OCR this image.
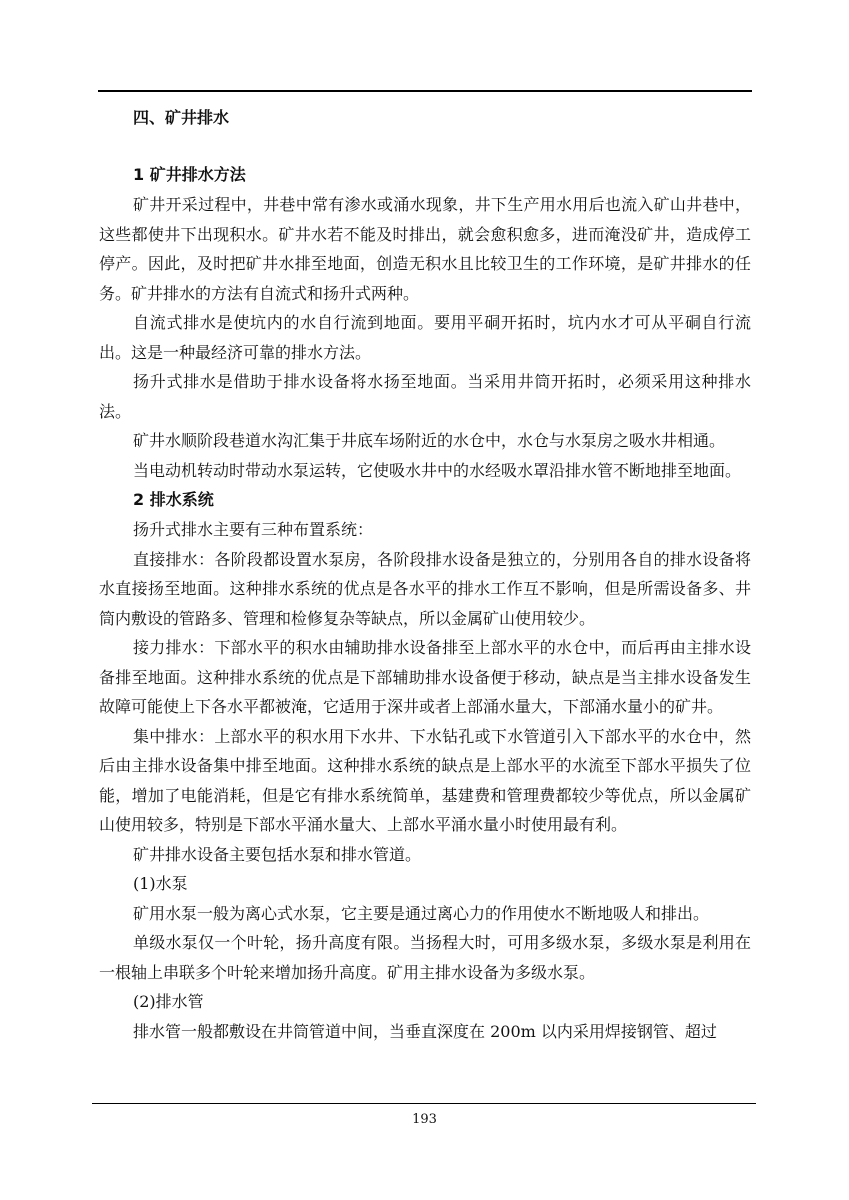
四、矿井排水
1 矿井排水方法

矿井开采过程中，井巷中常有渗水或涌水现象，井下生产用水用后也流入矿山井巷中，这些都使井下出现积水。矿井水若不能及时排出，就会愈积愈多，进而淹没矿井，造成停工停产。因此，及时把矿井水排至地面，创造无积水且比较卫生的工作环境，是矿井排水的任务。矿井排水的方法有自流式和扬升式两种。

自流式排水是使坑内的水自行流到地面。要用平硐开拓时，坑内水才可从平硐自行流出。这是一种最经济可靠的排水方法。

扬升式排水是借助于排水设备将水扬至地面。当采用井筒开拓时，必须采用这种排水法。

矿井水顺阶段巷道水沟汇集于井底车场附近的水仓中，水仓与水泵房之吸水井相通。

当电动机转动时带动水泵运转，它使吸水井中的水经吸水罩沿排水管不断地排至地面。

2 排水系统

扬升式排水主要有三种布置系统：

直接排水：各阶段都设置水泵房，各阶段排水设备是独立的，分别用各自的排水设备将水直接扬至地面。这种排水系统的优点是各水平的排水工作互不影响，但是所需设备多、井筒内敷设的管路多、管理和检修复杂等缺点，所以金属矿山使用较少。

接力排水：下部水平的积水由辅助排水设备排至上部水平的水仓中，而后再由主排水设备排至地面。这种排水系统的优点是下部辅助排水设备便于移动，缺点是当主排水设备发生故障可能使上下各水平都被淹，它适用于深井或者上部涌水量大，下部涌水量小的矿井。

集中排水：上部水平的积水用下水井、下水钻孔或下水管道引入下部水平的水仓中，然后由主排水设备集中排至地面。这种排水系统的缺点是上部水平的水流至下部水平损失了位能，增加了电能消耗，但是它有排水系统简单，基建费和管理费都较少等优点，所以金属矿山使用较多，特别是下部水平涌水量大、上部水平涌水量小时使用最有利。

矿井排水设备主要包括水泵和排水管道。

(1)水泵

矿用水泵一般为离心式水泵，它主要是通过离心力的作用使水不断地吸人和排出。

单级水泵仅一个叶轮，扬升高度有限。当扬程大时，可用多级水泵，多级水泵是利用在一根轴上串联多个叶轮来增加扬升高度。矿用主排水设备为多级水泵。

(2)排水管

排水管一般都敷设在井筒管道中间，当垂直深度在 200m 以内采用焊接钢管、超过

193
